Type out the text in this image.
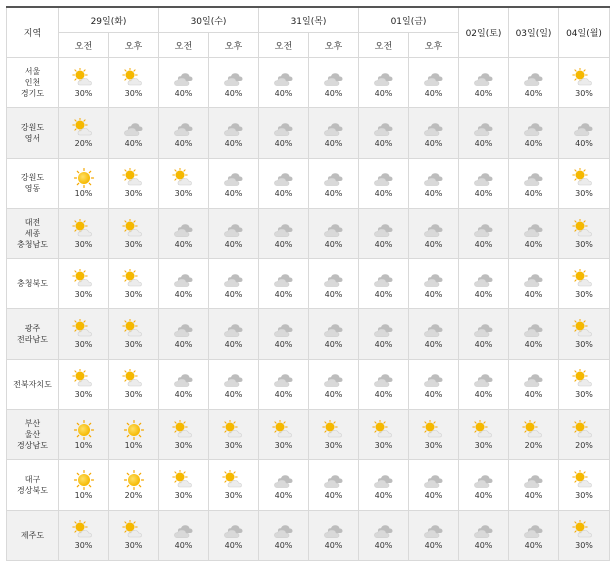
지역	29일(화)		30일(수)		31일(목)		01일(금)		02일(토)	03일(일)	04일(월)
	오전	오후	오전	오후	오전	오후	오전	오후			

서울
인천
경기도	30%	30%	40%	40%	40%	40%	40%	40%	40%	40%	30%

강원도
영서	20%	40%	40%	40%	40%	40%	40%	40%	40%	40%	40%

강원도
영동	10%	30%	30%	40%	40%	40%	40%	40%	40%	40%	30%

대전
세종
충청남도	30%	30%	40%	40%	40%	40%	40%	40%	40%	40%	30%

충청북도	30%	30%	40%	40%	40%	40%	40%	40%	40%	40%	30%

광주
전라남도	30%	30%	40%	40%	40%	40%	40%	40%	40%	40%	30%

전북자치도	30%	30%	40%	40%	40%	40%	40%	40%	40%	40%	30%

부산
울산
경상남도	10%	10%	30%	30%	30%	30%	30%	30%	30%	20%	20%

대구
경상북도	10%	20%	30%	30%	40%	40%	40%	40%	40%	40%	30%

제주도	30%	30%	40%	40%	40%	40%	40%	40%	40%	40%	30%
